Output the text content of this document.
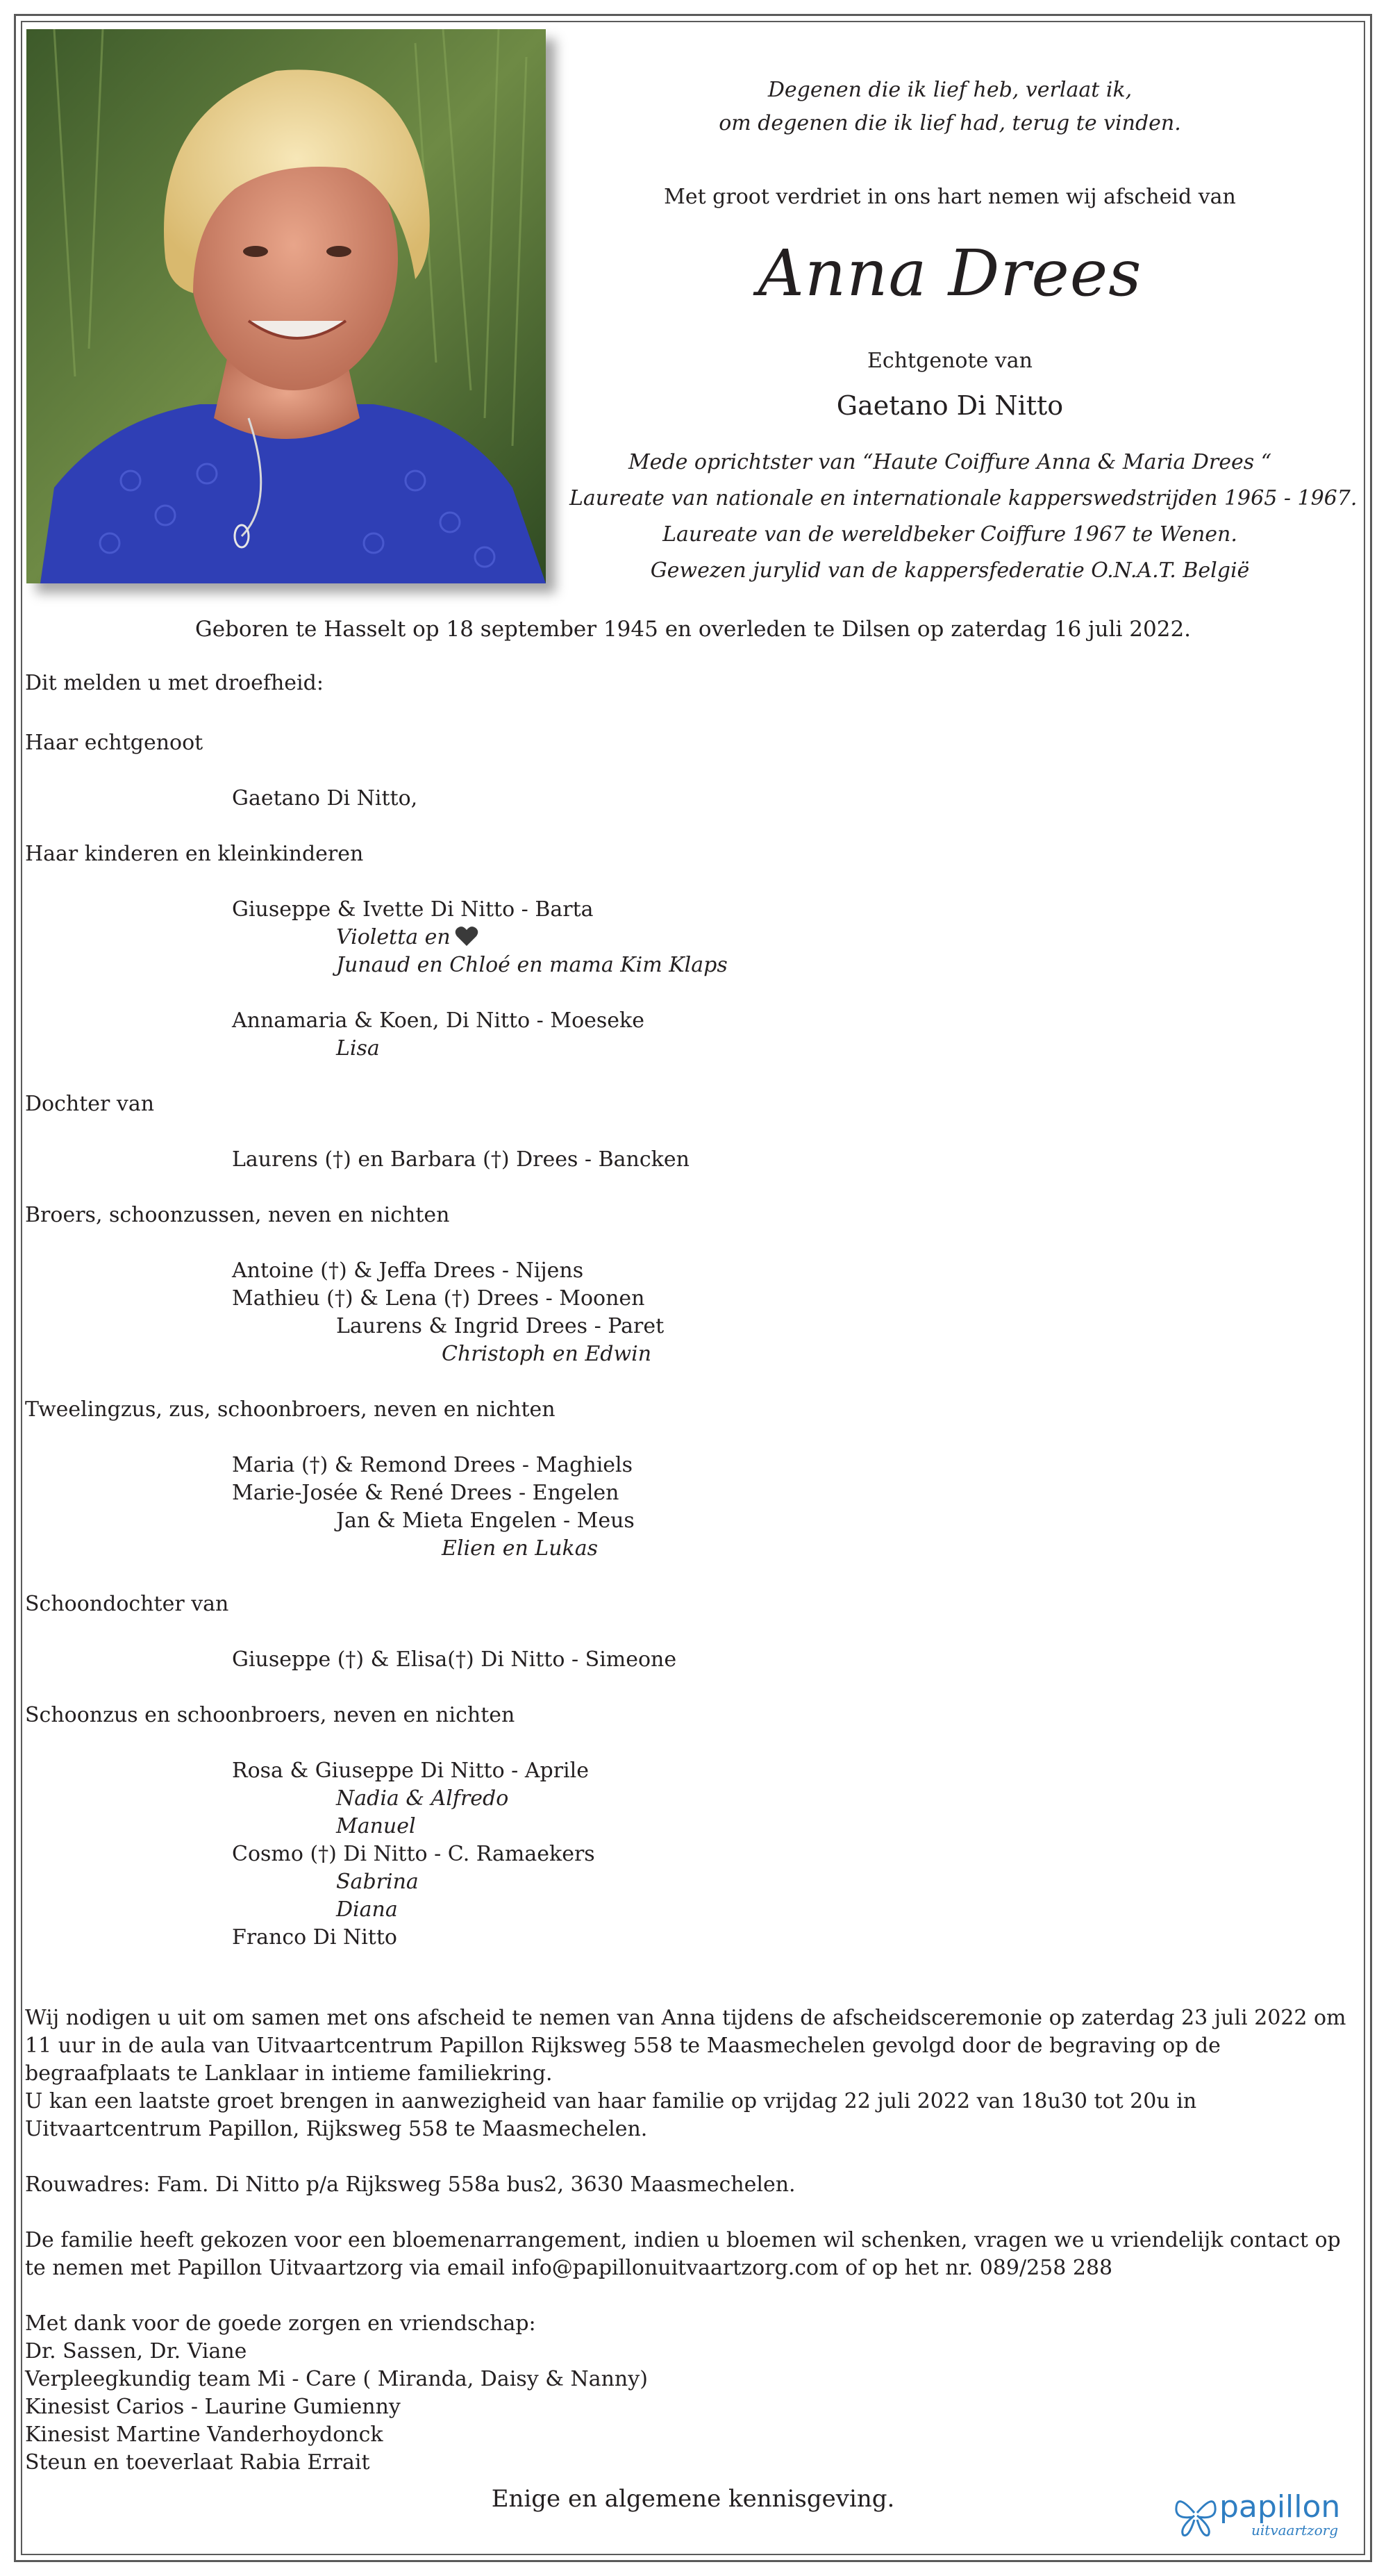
Degenen die ik lief heb, verlaat ik,
om degenen die ik lief had, terug te vinden.
Met groot verdriet in ons hart nemen wij afscheid van
Anna Drees
Echtgenote van
Gaetano Di Nitto
Mede oprichtster van “Haute Coiffure Anna & Maria Drees “
Laureate van nationale en internationale kapperswedstrijden 1965 - 1967.
Laureate van de wereldbeker Coiffure 1967 te Wenen.
Gewezen jurylid van de kappersfederatie O.N.A.T. België
Geboren te Hasselt op 18 september 1945 en overleden te Dilsen op zaterdag 16 juli 2022.
Dit melden u met droefheid:
Haar echtgenoot
Gaetano Di Nitto,
Haar kinderen en kleinkinderen
Giuseppe & Ivette Di Nitto - Barta
Violetta en
Junaud en Chloé en mama Kim Klaps
Annamaria & Koen, Di Nitto - Moeseke
Lisa
Dochter van
Laurens (†) en Barbara (†) Drees - Bancken
Broers, schoonzussen, neven en nichten
Antoine (†) & Jeffa Drees - Nijens
Mathieu (†) & Lena (†) Drees - Moonen
Laurens & Ingrid Drees - Paret
Christoph en Edwin
Tweelingzus, zus, schoonbroers, neven en nichten
Maria (†) & Remond Drees - Maghiels
Marie-Josée & René Drees - Engelen
Jan & Mieta Engelen - Meus
Elien en Lukas
Schoondochter van
Giuseppe (†) & Elisa(†) Di Nitto - Simeone
Schoonzus en schoonbroers, neven en nichten
Rosa & Giuseppe Di Nitto - Aprile
Nadia & Alfredo
Manuel
Cosmo (†) Di Nitto - C. Ramaekers
Sabrina
Diana
Franco Di Nitto
Wij nodigen u uit om samen met ons afscheid te nemen van Anna tijdens de afscheidsceremonie op zaterdag 23 juli 2022 om 11 uur in de aula van Uitvaartcentrum Papillon Rijksweg 558 te Maasmechelen gevolgd door de begraving op de begraafplaats te Lanklaar in intieme familiekring.
U kan een laatste groet brengen in aanwezigheid van haar familie op vrijdag 22 juli 2022 van 18u30 tot 20u in Uitvaartcentrum Papillon, Rijksweg 558 te Maasmechelen.
Rouwadres: Fam. Di Nitto p/a Rijksweg 558a bus2, 3630 Maasmechelen.
De familie heeft gekozen voor een bloemenarrangement, indien u bloemen wil schenken, vragen we u vriendelijk contact op te nemen met Papillon Uitvaartzorg via email info@papillonuitvaartzorg.com of op het nr. 089/258 288
Met dank voor de goede zorgen en vriendschap:
Dr. Sassen, Dr. Viane
Verpleegkundig team Mi - Care ( Miranda, Daisy & Nanny)
Kinesist Carios - Laurine Gumienny
Kinesist Martine Vanderhoydonck
Steun en toeverlaat Rabia Errait
Enige en algemene kennisgeving.	papillon
uitvaartzorg
